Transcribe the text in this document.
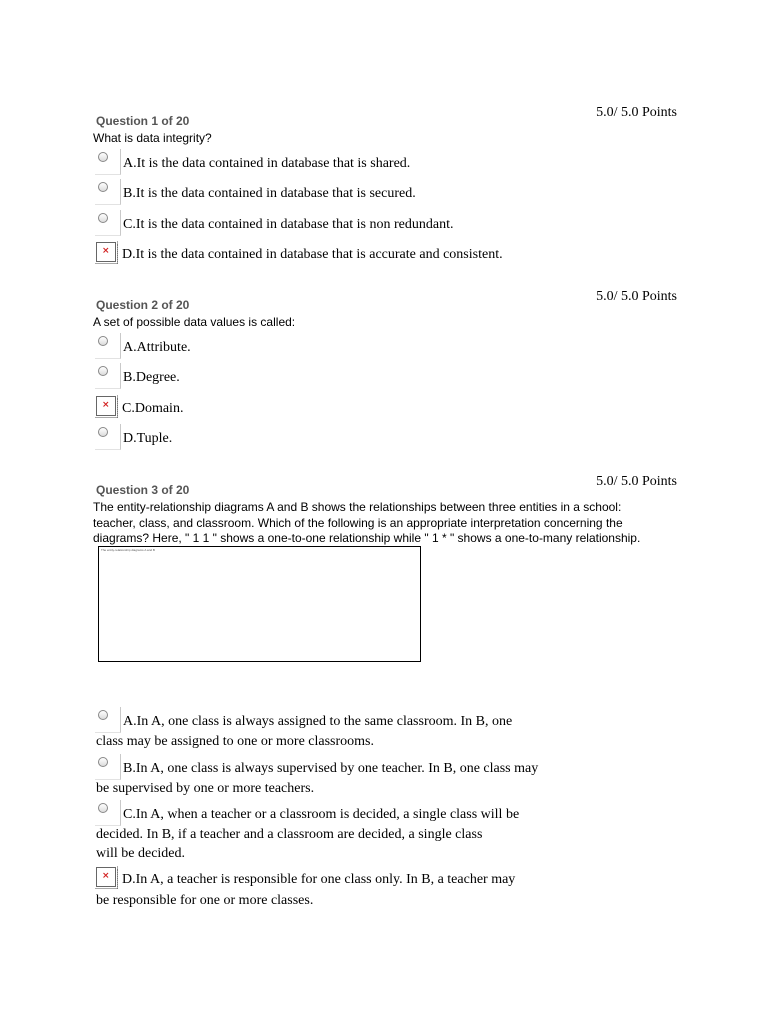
Question 1 of 20
5.0/ 5.0 Points

What is data integrity?

A.It is the data contained in database that is shared.
B.It is the data contained in database that is secured.
C.It is the data contained in database that is non redundant.
× D.It is the data contained in database that is accurate and consistent.
Question 2 of 20
5.0/ 5.0 Points

A set of possible data values is called:

A.Attribute.
B.Degree.
× C.Domain.
D.Tuple.
Question 3 of 20
5.0/ 5.0 Points

The entity-relationship diagrams A and B shows the relationships between three entities in a school:
teacher, class, and classroom. Which of the following is an appropriate interpretation concerning the
diagrams? Here, " 1 1 " shows a one-to-one relationship while " 1 * " shows a one-to-many relationship.

The entity-relationship diagrams A and B
A.In A, one class is always assigned to the same classroom. In B, one
class may be assigned to one or more classrooms.
B.In A, one class is always supervised by one teacher. In B, one class may
be supervised by one or more teachers.
C.In A, when a teacher or a classroom is decided, a single class will be
decided. In B, if a teacher and a classroom are decided, a single class
will be decided.
× D.In A, a teacher is responsible for one class only. In B, a teacher may
be responsible for one or more classes.
